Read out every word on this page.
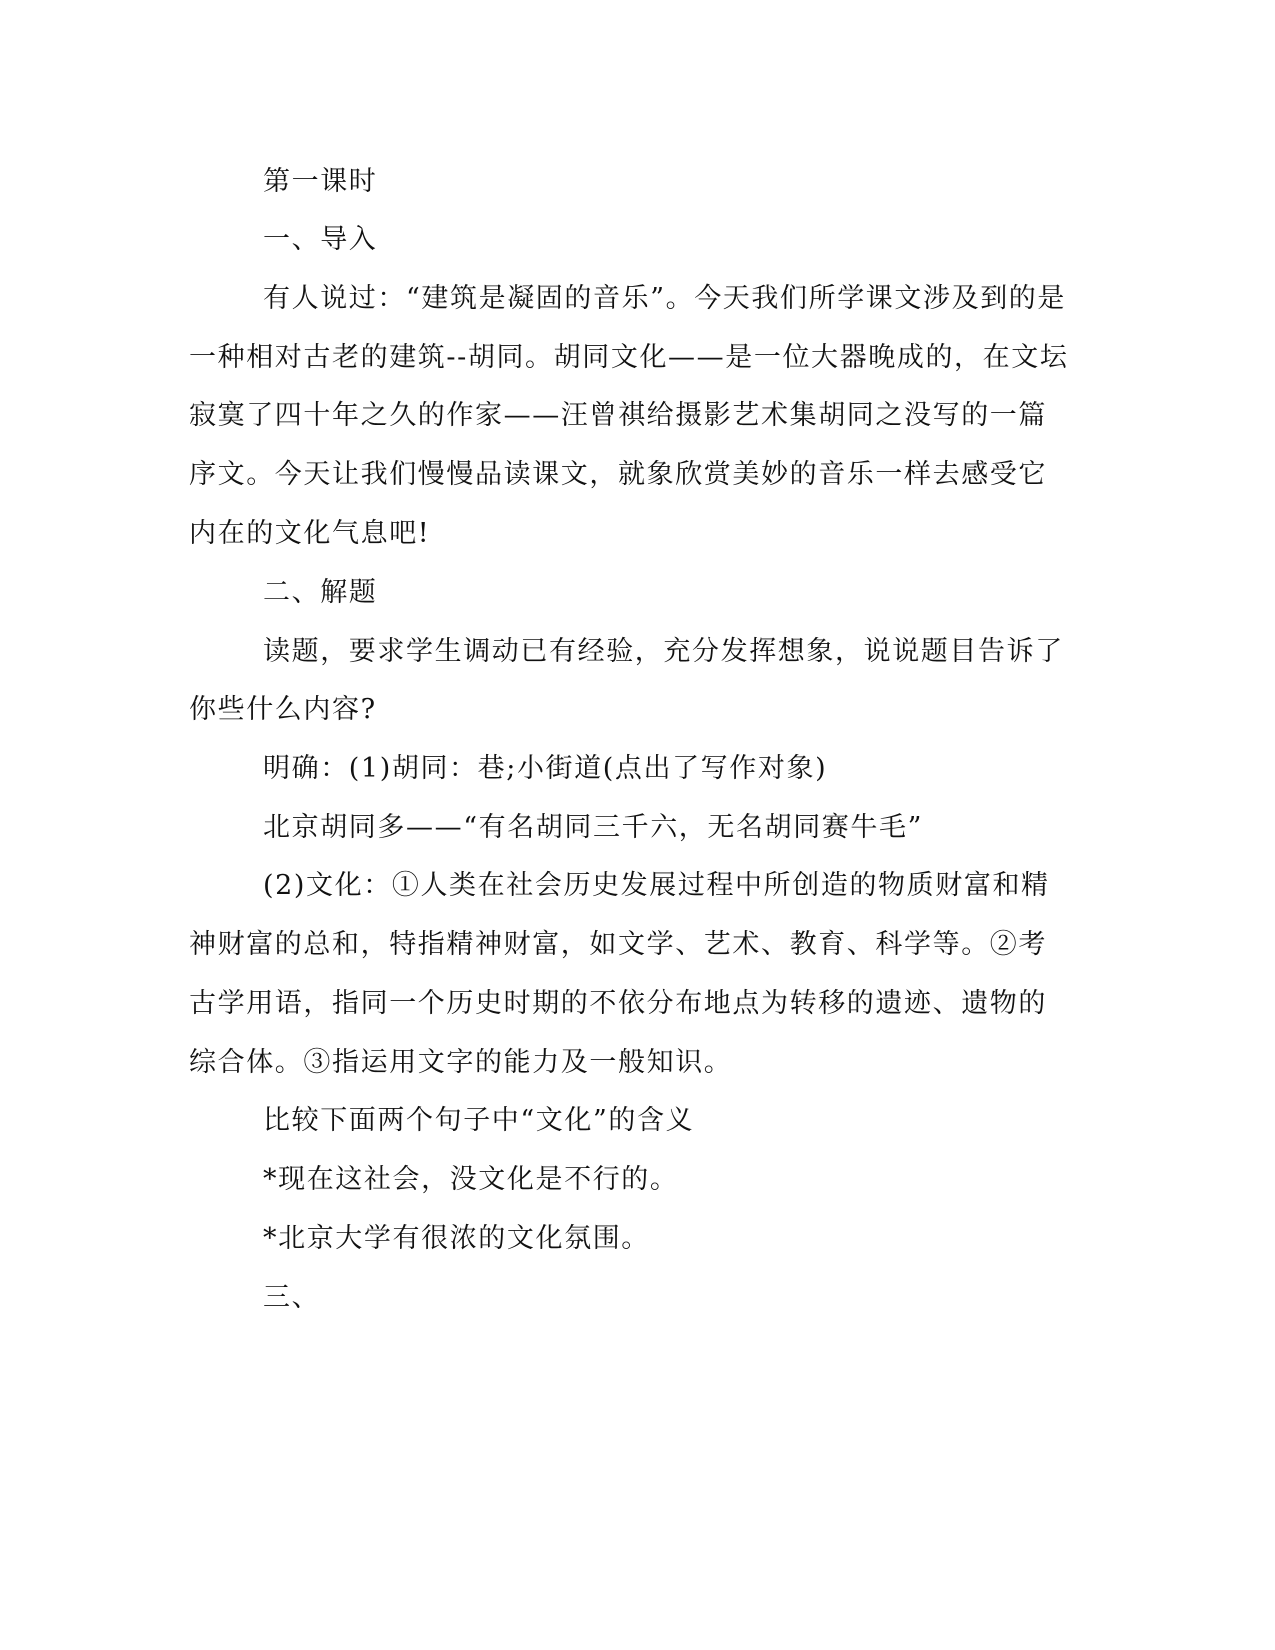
第一课时
一、导入
有人说过：“建筑是凝固的音乐”。今天我们所学课文涉及到的是
一种相对古老的建筑--胡同。胡同文化——是一位大器晚成的，在文坛
寂寞了四十年之久的作家——汪曾祺给摄影艺术集胡同之没写的一篇
序文。今天让我们慢慢品读课文，就象欣赏美妙的音乐一样去感受它
内在的文化气息吧!
二、解题
读题，要求学生调动已有经验，充分发挥想象，说说题目告诉了
你些什么内容?
明确：(1)胡同：巷;小街道(点出了写作对象)
北京胡同多——“有名胡同三千六，无名胡同赛牛毛”
(2)文化：①人类在社会历史发展过程中所创造的物质财富和精
神财富的总和，特指精神财富，如文学、艺术、教育、科学等。②考
古学用语，指同一个历史时期的不依分布地点为转移的遗迹、遗物的
综合体。③指运用文字的能力及一般知识。
比较下面两个句子中“文化”的含义
*现在这社会，没文化是不行的。
*北京大学有很浓的文化氛围。
三、
